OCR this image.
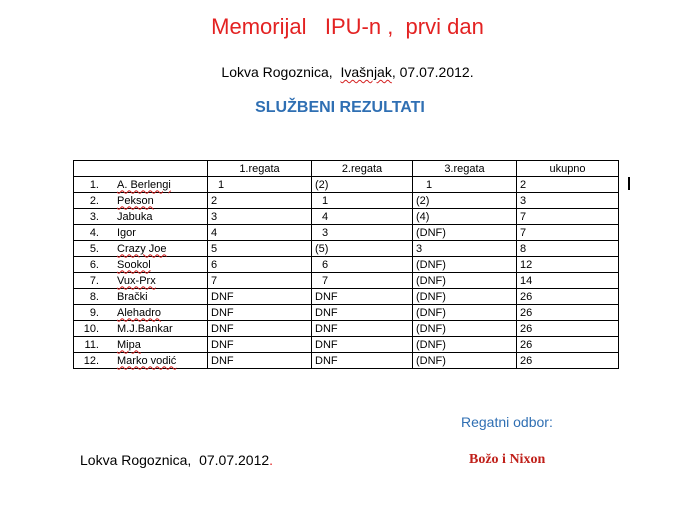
Memorijal   IPU-n ,  prvi dan
Lokva Rogoznica,  Ivašnjak, 07.07.2012.
SLUŽBENI REZULTATI
	1.regata	2.regata	3.regata	ukupno
1. A. Berlengi	1	(2)	1	2
2. Pekson	2	1	(2)	3
3. Jabuka	3	4	(4)	7
4. Igor	4	3	(DNF)	7
5. Crazy Joe	5	(5)	3	8
6. Sookol	6	6	(DNF)	12
7. Vux-Prx	7	7	(DNF)	14
8. Brački	DNF	DNF	(DNF)	26
9. Alehadro	DNF	DNF	(DNF)	26
10. M.J.Bankar	DNF	DNF	(DNF)	26
11. Mipa	DNF	DNF	(DNF)	26
12. Marko vodić	DNF	DNF	(DNF)	26
Regatni odbor:
Lokva Rogoznica,  07.07.2012.	Božo i Nixon
